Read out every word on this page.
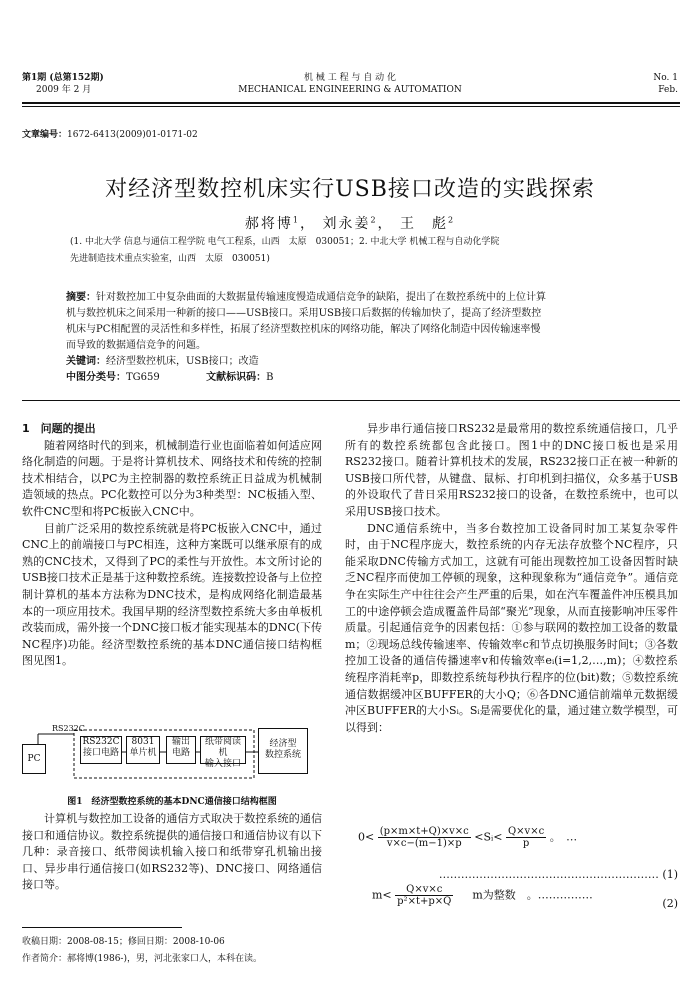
第1期 (总第152期)
2009 年 2 月
机 械 工 程 与 自 动 化
MECHANICAL ENGINEERING & AUTOMATION
No. 1
Feb.
文章编号：1672-6413(2009)01-0171-02
对经济型数控机床实行USB接口改造的实践探索
郝将博$^1$， 刘永姜$^2$， 王　彪$^2$
(1. 中北大学 信息与通信工程学院 电气工程系，山西　太原　030051；2. 中北大学 机械工程与自动化学院
先进制造技术重点实验室，山西　太原　030051)
摘要：针对数控加工中复杂曲面的大数据量传输速度慢造成通信竞争的缺陷，提出了在数控系统中的上位计算
机与数控机床之间采用一种新的接口——USB接口。采用USB接口后数据的传输加快了，提高了经济型数控
机床与PC相配置的灵活性和多样性，拓展了经济型数控机床的网络功能，解决了网络化制造中因传输速率慢
而导致的数据通信竞争的问题。
关键词：经济型数控机床，USB接口；改造
中图分类号：TG659	文献标识码：B
1　问题的提出

随着网络时代的到来，机械制造行业也面临着如何适应网络化制造的问题。于是将计算机技术、网络技术和传统的控制技术相结合，以PC为主控制器的数控系统正日益成为机械制造领域的热点。PC化数控可以分为3种类型：NC板插入型、软件CNC型和将PC板嵌入CNC中。

目前广泛采用的数控系统就是将PC板嵌入CNC中，通过CNC上的前端接口与PC相连，这种方案既可以继承原有的成熟的CNC技术，又得到了PC的柔性与开放性。本文所讨论的USB接口技术正是基于这种数控系统。连接数控设备与上位控制计算机的基本方法称为DNC技术，是构成网络化制造最基本的一项应用技术。我国早期的经济型数控系统大多由单板机改装而成，需外接一个DNC接口板才能实现基本的DNC(下传NC程序)功能。经济型数控系统的基本DNC通信接口结构框图见图1。

PC
RS232C
RS232C
接口电路
8031
单片机
输出
电路
纸带阅读机
输入接口
经济型
数控系统
图1　经济型数控系统的基本DNC通信接口结构框图

计算机与数控加工设备的通信方式取决于数控系统的通信接口和通信协议。数控系统提供的通信接口和通信协议有以下几种：录音接口、纸带阅读机输入接口和纸带穿孔机输出接口、异步串行通信接口(如RS232等)、DNC接口、网络通信接口等。

异步串行通信接口RS232是最常用的数控系统通信接口，几乎所有的数控系统都包含此接口。图1中的DNC接口板也是采用RS232接口。随着计算机技术的发展，RS232接口正在被一种新的USB接口所代替，从键盘、鼠标、打印机到扫描仪，众多基于USB的外设取代了昔日采用RS232接口的设备，在数控系统中，也可以采用USB接口技术。

DNC通信系统中，当多台数控加工设备同时加工某复杂零件时，由于NC程序庞大，数控系统的内存无法存放整个NC程序，只能采取DNC传输方式加工，这就有可能出现数控加工设备因暂时缺乏NC程序而使加工停顿的现象，这种现象称为“通信竞争”。通信竞争在实际生产中往往会产生严重的后果，如在汽车覆盖件冲压模具加工的中途停顿会造成覆盖件局部“聚光”现象，从而直接影响冲压零件质量。引起通信竞争的因素包括：①参与联网的数控加工设备的数量m；②现场总线传输速率、传输效率c和节点切换服务时间t；③各数控加工设备的通信传播速率v和传输效率eᵢ(i=1,2,…,m)；④数控系统程序消耗率p，即数控系统每秒执行程序的位(bit)数；⑤数控系统通信数据缓冲区BUFFER的大小Q；⑥各DNC通信前端单元数据缓冲区BUFFER的大小Sᵢ。Sᵢ是需要优化的量，通过建立数学模型，可以得到：

$0< \frac{(p\times m\times t+Q)\times v\times c}{v\times c-(m-1)\times p}$ <Sᵢ< $\frac{Q\times v\times c}{p}$ 。　…
…………………………………………………… (1)
$m< \frac{Q\times v\times c}{\text{p²×t+p×Q}}$ m为整数　。……………
(2)
收稿日期：2008-08-15；修回日期：2008-10-06
作者简介：郝将博(1986-)，男，河北张家口人，本科在读。
